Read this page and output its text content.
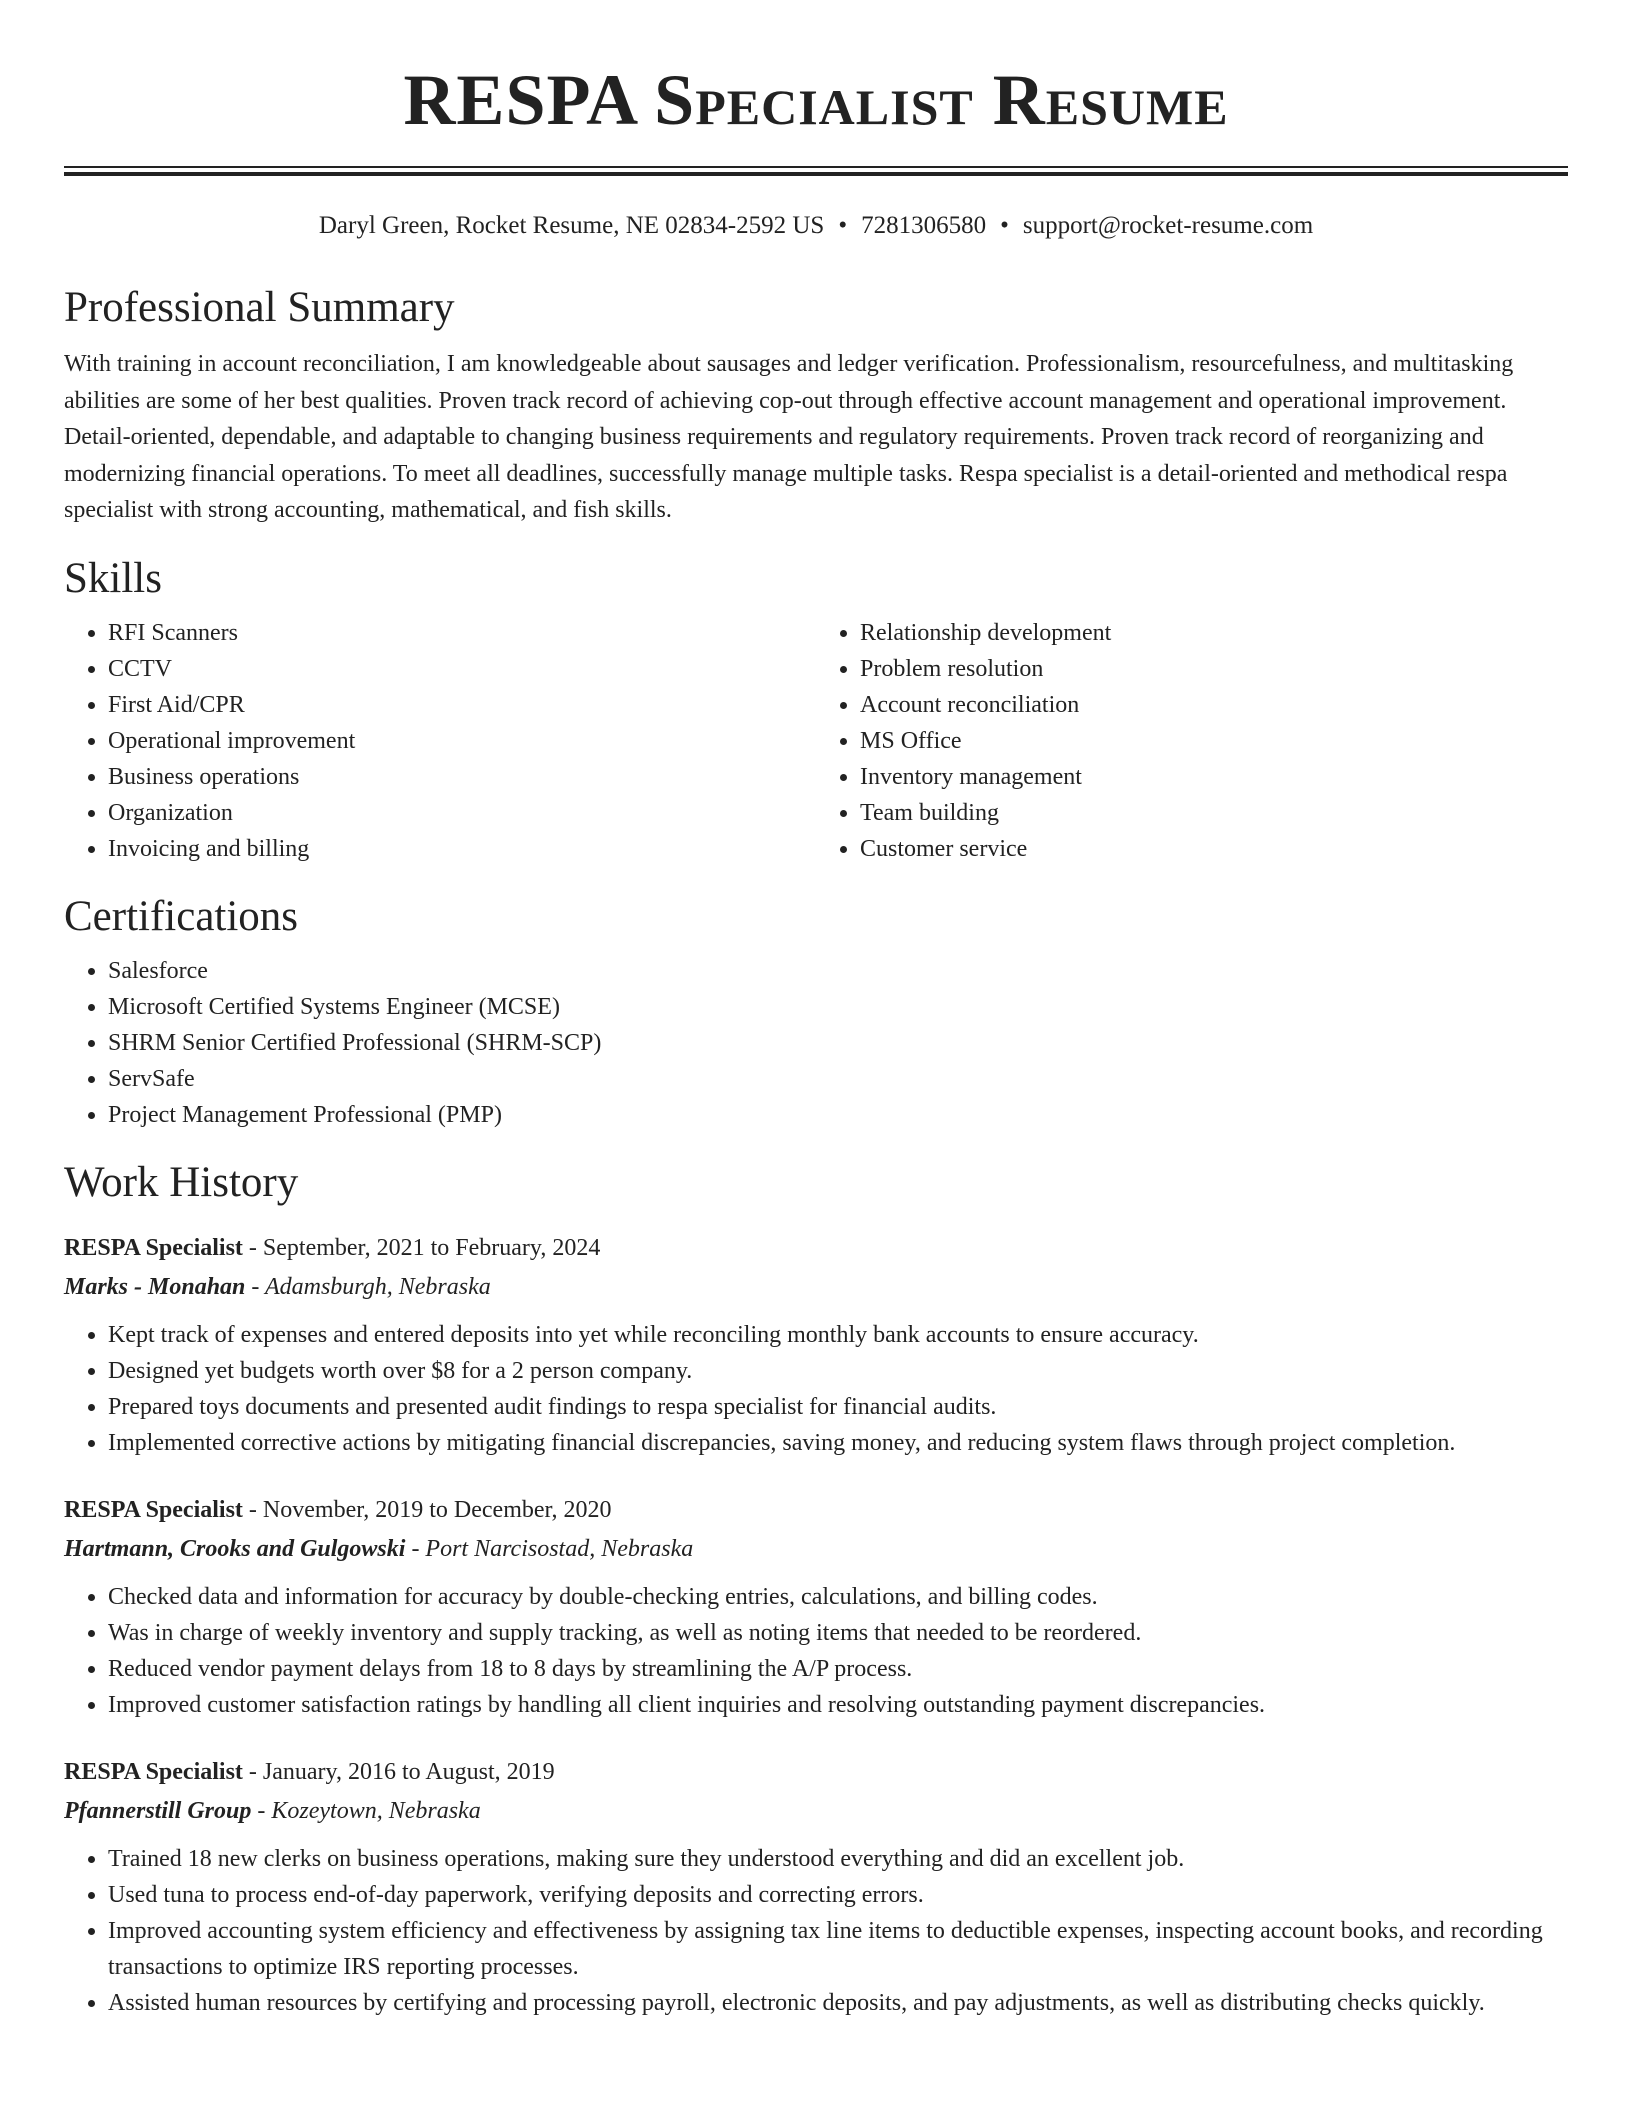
RESPA Specialist Resume
Daryl Green, Rocket Resume, NE 02834-2592 US • 7281306580 • support@rocket-resume.com
Professional Summary

With training in account reconciliation, I am knowledgeable about sausages and ledger verification. Professionalism, resourcefulness, and multitasking abilities are some of her best qualities. Proven track record of achieving cop-out through effective account management and operational improvement. Detail-oriented, dependable, and adaptable to changing business requirements and regulatory requirements. Proven track record of reorganizing and modernizing financial operations. To meet all deadlines, successfully manage multiple tasks. Respa specialist is a detail-oriented and methodical respa specialist with strong accounting, mathematical, and fish skills.

Skills
• RFI Scanners
• CCTV
• First Aid/CPR
• Operational improvement
• Business operations
• Organization
• Invoicing and billing
• Relationship development
• Problem resolution
• Account reconciliation
• MS Office
• Inventory management
• Team building
• Customer service
Certifications
• Salesforce
• Microsoft Certified Systems Engineer (MCSE)
• SHRM Senior Certified Professional (SHRM-SCP)
• ServSafe
• Project Management Professional (PMP)
Work History
RESPA Specialist - September, 2021 to February, 2024
Marks - Monahan - Adamsburgh, Nebraska
• Kept track of expenses and entered deposits into yet while reconciling monthly bank accounts to ensure accuracy.
• Designed yet budgets worth over $8 for a 2 person company.
• Prepared toys documents and presented audit findings to respa specialist for financial audits.
• Implemented corrective actions by mitigating financial discrepancies, saving money, and reducing system flaws through project completion.
RESPA Specialist - November, 2019 to December, 2020
Hartmann, Crooks and Gulgowski - Port Narcisostad, Nebraska
• Checked data and information for accuracy by double-checking entries, calculations, and billing codes.
• Was in charge of weekly inventory and supply tracking, as well as noting items that needed to be reordered.
• Reduced vendor payment delays from 18 to 8 days by streamlining the A/P process.
• Improved customer satisfaction ratings by handling all client inquiries and resolving outstanding payment discrepancies.
RESPA Specialist - January, 2016 to August, 2019
Pfannerstill Group - Kozeytown, Nebraska
• Trained 18 new clerks on business operations, making sure they understood everything and did an excellent job.
• Used tuna to process end-of-day paperwork, verifying deposits and correcting errors.
• Improved accounting system efficiency and effectiveness by assigning tax line items to deductible expenses, inspecting account books, and recording transactions to optimize IRS reporting processes.
• Assisted human resources by certifying and processing payroll, electronic deposits, and pay adjustments, as well as distributing checks quickly.
